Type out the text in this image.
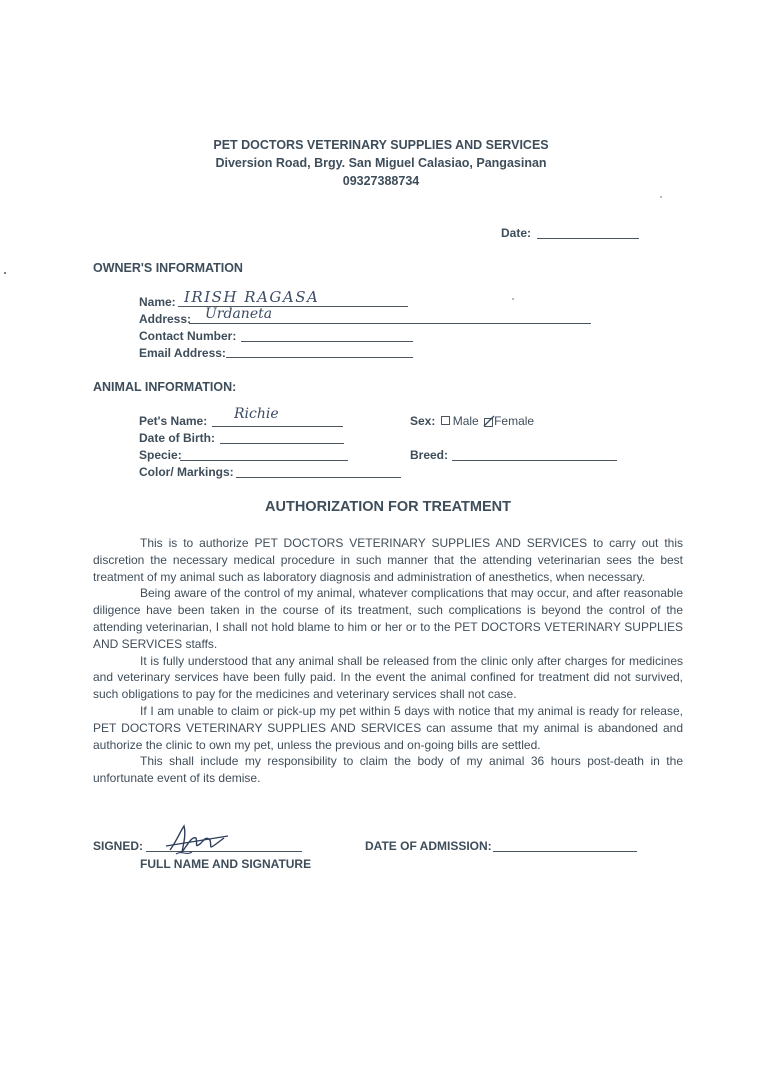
PET DOCTORS VETERINARY SUPPLIES AND SERVICES
Diversion Road, Brgy. San Miguel Calasiao, Pangasinan
09327388734
Date:
OWNER'S INFORMATION
Name: IRISH RAGASA
Address: Urdaneta
Contact Number:
Email Address:
ANIMAL INFORMATION:
Pet's Name: Richie
Date of Birth:
Specie:
Color/ Markings:
Sex: Male Female
Breed:
AUTHORIZATION FOR TREATMENT

This is to authorize PET DOCTORS VETERINARY SUPPLIES AND SERVICES to carry out this discretion the necessary medical procedure in such manner that the attending veterinarian sees the best treatment of my animal such as laboratory diagnosis and administration of anesthetics, when necessary.

Being aware of the control of my animal, whatever complications that may occur, and after reasonable diligence have been taken in the course of its treatment, such complications is beyond the control of the attending veterinarian, I shall not hold blame to him or her or to the PET DOCTORS VETERINARY SUPPLIES AND SERVICES staffs.

It is fully understood that any animal shall be released from the clinic only after charges for medicines and veterinary services have been fully paid. In the event the animal confined for treatment did not survived, such obligations to pay for the medicines and veterinary services shall not case.

If I am unable to claim or pick-up my pet within 5 days with notice that my animal is ready for release, PET DOCTORS VETERINARY SUPPLIES AND SERVICES can assume that my animal is abandoned and authorize the clinic to own my pet, unless the previous and on-going bills are settled.

This shall include my responsibility to claim the body of my animal 36 hours post-death in the unfortunate event of its demise.

SIGNED:
FULL NAME AND SIGNATURE
DATE OF ADMISSION:
